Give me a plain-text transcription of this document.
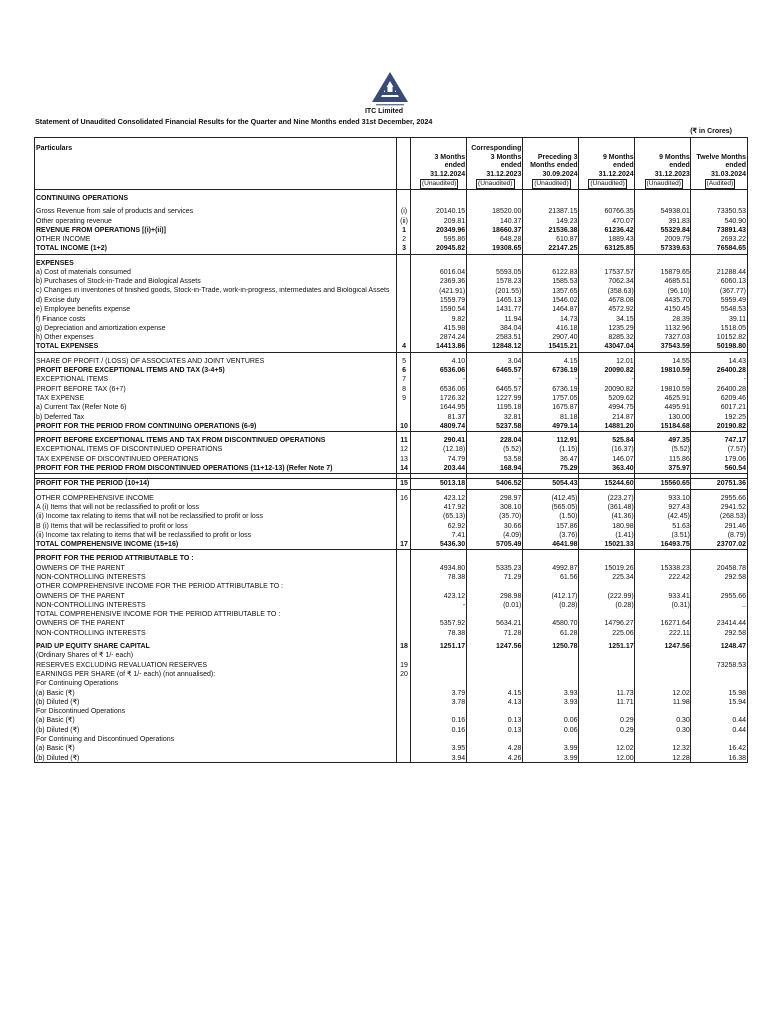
ITC Limited
Statement of Unaudited Consolidated Financial Results for the Quarter and Nine Months ended 31st December, 2024
(₹ in Crores)
Particulars		3 Months ended 31.12.2024	Corresponding 3 Months ended 31.12.2023	Preceding 3 Months ended 30.09.2024	9 Months ended 31.12.2024	9 Months ended 31.12.2023	Twelve Months ended 31.03.2024
		(Unaudited)	(Unaudited)	(Unaudited)	(Unaudited)	(Unaudited)	(Audited)

CONTINUING OPERATIONS							

Gross Revenue from sale of products and services	(i)	20140.15	18520.00	21387.15	60766.35	54938.01	73350.53
Other operating revenue	(ii)	209.81	140.37	149.23	470.07	391.83	540.90
REVENUE FROM OPERATIONS [(i)+(ii)]	1	20349.96	18660.37	21536.38	61236.42	55329.84	73891.43
OTHER INCOME	2	595.86	648.28	610.87	1889.43	2009.79	2693.22
TOTAL INCOME (1+2)	3	20945.82	19308.65	22147.25	63125.85	57339.63	76584.65

EXPENSES							
a) Cost of materials consumed		6016.04	5593.05	6122.83	17537.57	15879.65	21288.44
b) Purchases of Stock-in-Trade and Biological Assets		2369.36	1578.23	1585.53	7062.34	4685.51	6060.13
c) Changes in inventories of finished goods, Stock-in-Trade, work-in-progress, intermediates and Biological Assets		(421.91)	(201.55)	1357.65	(358.63)	(96.10)	(367.77)
d) Excise duty		1559.79	1465.13	1546.02	4678.08	4435.70	5959.49
e) Employee benefits expense		1590.54	1431.77	1464.87	4572.92	4150.45	5548.53
f) Finance costs		9.82	11.94	14.73	34.15	28.39	39.11
g) Depreciation and amortization expense		415.98	384.04	416.18	1235.29	1132.96	1518.05
h) Other expenses		2874.24	2583.51	2907.40	8285.32	7327.03	10152.82
TOTAL EXPENSES	4	14413.86	12848.12	15415.21	43047.04	37543.59	50198.80

SHARE OF PROFIT / (LOSS) OF ASSOCIATES AND JOINT VENTURES	5	4.10	3.04	4.15	12.01	14.55	14.43
PROFIT BEFORE EXCEPTIONAL ITEMS AND TAX (3-4+5)	6	6536.06	6465.57	6736.19	20090.82	19810.59	26400.28
EXCEPTIONAL ITEMS	7	-	-	-	-	-	-
PROFIT BEFORE TAX (6+7)	8	6536.06	6465.57	6736.19	20090.82	19810.59	26400.28
TAX EXPENSE	9	1726.32	1227.99	1757.05	5209.62	4625.91	6209.46
a) Current Tax (Refer Note 6)		1644.95	1195.18	1675.87	4994.75	4495.91	6017.21
b) Deferred Tax		81.37	32.81	81.18	214.87	130.00	192.25
PROFIT FOR THE PERIOD FROM CONTINUING OPERATIONS (6-9)	10	4809.74	5237.58	4979.14	14881.20	15184.68	20190.82

PROFIT BEFORE EXCEPTIONAL ITEMS AND TAX FROM DISCONTINUED OPERATIONS	11	290.41	228.04	112.91	525.84	497.35	747.17
EXCEPTIONAL ITEMS OF DISCONTINUED OPERATIONS	12	(12.18)	(5.52)	(1.15)	(16.37)	(5.52)	(7.57)
TAX EXPENSE OF DISCONTINUED OPERATIONS	13	74.79	53.58	36.47	146.07	115.86	179.06
PROFIT FOR THE PERIOD FROM DISCONTINUED OPERATIONS (11+12-13) (Refer Note 7)	14	203.44	168.94	75.29	363.40	375.97	560.54

PROFIT FOR THE PERIOD (10+14)	15	5013.18	5406.52	5054.43	15244.60	15560.65	20751.36

OTHER COMPREHENSIVE INCOME	16	423.12	298.97	(412.45)	(223.27)	933.10	2955.66
A (i) Items that will not be reclassified to profit or loss		417.92	308.10	(565.05)	(361.48)	927.43	2941.52
(ii) Income tax relating to items that will not be reclassified to profit or loss		(65.13)	(35.70)	(1.50)	(41.36)	(42.45)	(268.53)
B (i) Items that will be reclassified to profit or loss		62.92	30.66	157.86	180.98	51.63	291.46
(ii) Income tax relating to items that will be reclassified to profit or loss		7.41	(4.09)	(3.76)	(1.41)	(3.51)	(8.79)
TOTAL COMPREHENSIVE INCOME (15+16)	17	5436.30	5705.49	4641.98	15021.33	16493.75	23707.02

PROFIT FOR THE PERIOD ATTRIBUTABLE TO :							
OWNERS OF THE PARENT		4934.80	5335.23	4992.87	15019.26	15338.23	20458.78
NON-CONTROLLING INTERESTS		78.38	71.29	61.56	225.34	222.42	292.58
OTHER COMPREHENSIVE INCOME FOR THE PERIOD ATTRIBUTABLE TO :							
OWNERS OF THE PARENT		423.12	298.98	(412.17)	(222.99)	933.41	2955.66
NON-CONTROLLING INTERESTS		-	(0.01)	(0.28)	(0.28)	(0.31)	..
TOTAL COMPREHENSIVE INCOME FOR THE PERIOD ATTRIBUTABLE TO :							
OWNERS OF THE PARENT		5357.92	5634.21	4580.70	14796.27	16271.64	23414.44
NON-CONTROLLING INTERESTS		78.38	71.28	61.28	225.06	222.11	292.58

PAID UP EQUITY SHARE CAPITAL	18	1251.17	1247.56	1250.78	1251.17	1247.56	1248.47
(Ordinary Shares of ₹ 1/- each)							
RESERVES EXCLUDING REVALUATION RESERVES	19						73258.53
EARNINGS PER SHARE (of ₹ 1/- each) (not annualised):	20						
For Continuing Operations							
(a) Basic (₹)		3.79	4.15	3.93	11.73	12.02	15.98
(b) Diluted (₹)		3.78	4.13	3.93	11.71	11.98	15.94
For Discontinued Operations							
(a) Basic (₹)		0.16	0.13	0.06	0.29	0.30	0.44
(b) Diluted (₹)		0.16	0.13	0.06	0.29	0.30	0.44
For Continuing and Discontinued Operations							
(a) Basic (₹)		3.95	4.28	3.99	12.02	12.32	16.42
(b) Diluted (₹)		3.94	4.26	3.99	12.00	12.28	16.38
